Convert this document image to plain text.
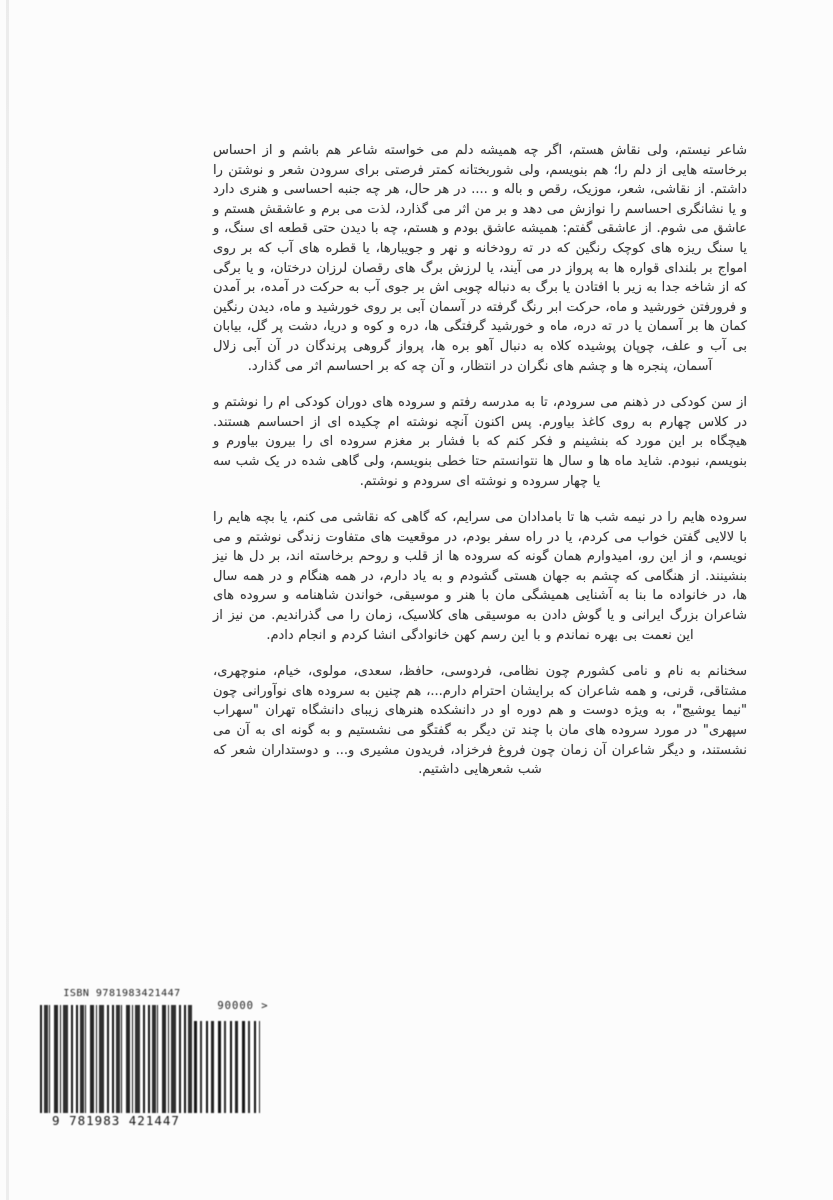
شاعر نیستم، ولی نقاش هستم، اگر چه همیشه دلم می خواسته شاعر هم باشم و از احساس برخاسته هایی از دلم را؛ هم بنویسم، ولی شوربختانه کمتر فرصتی برای سرودن شعر و نوشتن را داشتم. از نقاشی، شعر، موزیک، رقص و باله و .... در هر حال، هر چه جنبه احساسی و هنری دارد و یا نشانگری احساسم را نوازش می دهد و بر من اثر می گذارد، لذت می برم و عاشقش هستم و عاشق می شوم. از عاشقی گفتم: همیشه عاشق بودم و هستم، چه با دیدن حتی قطعه ای سنگ، و یا سنگ ریزه های کوچک رنگین که در ته رودخانه و نهر و جویبارها، یا قطره های آب که بر روی امواج بر بلندای قواره ها به پرواز در می آیند، یا لرزش برگ های رقصان لرزان درختان، و یا برگی که از شاخه جدا به زیر با افتادن یا برگ به دنباله چوبی اش بر جوی آب به حرکت در آمده، بر آمدن و فرورفتن خورشید و ماه، حرکت ابر رنگ گرفته در آسمان آبی بر روی خورشید و ماه، دیدن رنگین کمان ها بر آسمان یا در ته دره، ماه و خورشید گرفتگی ها، دره و کوه و دریا، دشت پر گل، بیابان بی آب و علف، چوپان پوشیده کلاه به دنبال آهو بره ها، پرواز گروهی پرندگان در آن آبی زلال آسمان، پنجره ها و چشم های نگران در انتظار، و آن چه که بر احساسم اثر می گذارد.

از سن کودکی در ذهنم می سرودم، تا به مدرسه رفتم و سروده های دوران کودکی ام را نوشتم و در کلاس چهارم به روی کاغذ بیاورم. پس اکنون آنچه نوشته ام چکیده ای از احساسم هستند. هیچگاه بر این مورد که بنشینم و فکر کنم که با فشار بر مغزم سروده ای را بیرون بیاورم و بنویسم، نبودم. شاید ماه ها و سال ها نتوانستم حتا خطی بنویسم، ولی گاهی شده در یک شب سه یا چهار سروده و نوشته ای سرودم و نوشتم.

سروده هایم را در نیمه شب ها تا بامدادان می سرایم، که گاهی که نقاشی می کنم، یا بچه هایم را با لالایی گفتن خواب می کردم، یا در راه سفر بودم، در موقعیت های متفاوت زندگی نوشتم و می نویسم، و از این رو، امیدوارم همان گونه که سروده ها از قلب و روحم برخاسته اند، بر دل ها نیز بنشینند. از هنگامی که چشم به جهان هستی گشودم و به یاد دارم، در همه هنگام و در همه سال ها، در خانواده ما بنا به آشنایی همیشگی مان با هنر و موسیقی، خواندن شاهنامه و سروده های شاعران بزرگ ایرانی و یا گوش دادن به موسیقی های کلاسیک، زمان را می گذراندیم. من نیز از این نعمت بی بهره نماندم و با این رسم کهن خانوادگی انشا کردم و انجام دادم.

سخنانم به نام و نامی کشورم چون نظامی، فردوسی، حافظ، سعدی، مولوی، خیام، منوچهری، مشتاقی، قرنی، و همه شاعران که برایشان احترام دارم...، هم چنین به سروده های نوآورانی چون "نیما یوشیج"، به ویژه دوست و هم دوره او در دانشکده هنرهای زیبای دانشگاه تهران "سهراب سپهری" در مورد سروده های مان با چند تن دیگر به گفتگو می نشستیم و به گونه ای به آن می نشستند، و دیگر شاعران آن زمان چون فروغ فرخزاد، فریدون مشیری و... و دوستداران شعر که شب شعرهایی داشتیم.

ISBN 9781983421447
9 781983 421447
90000 >
